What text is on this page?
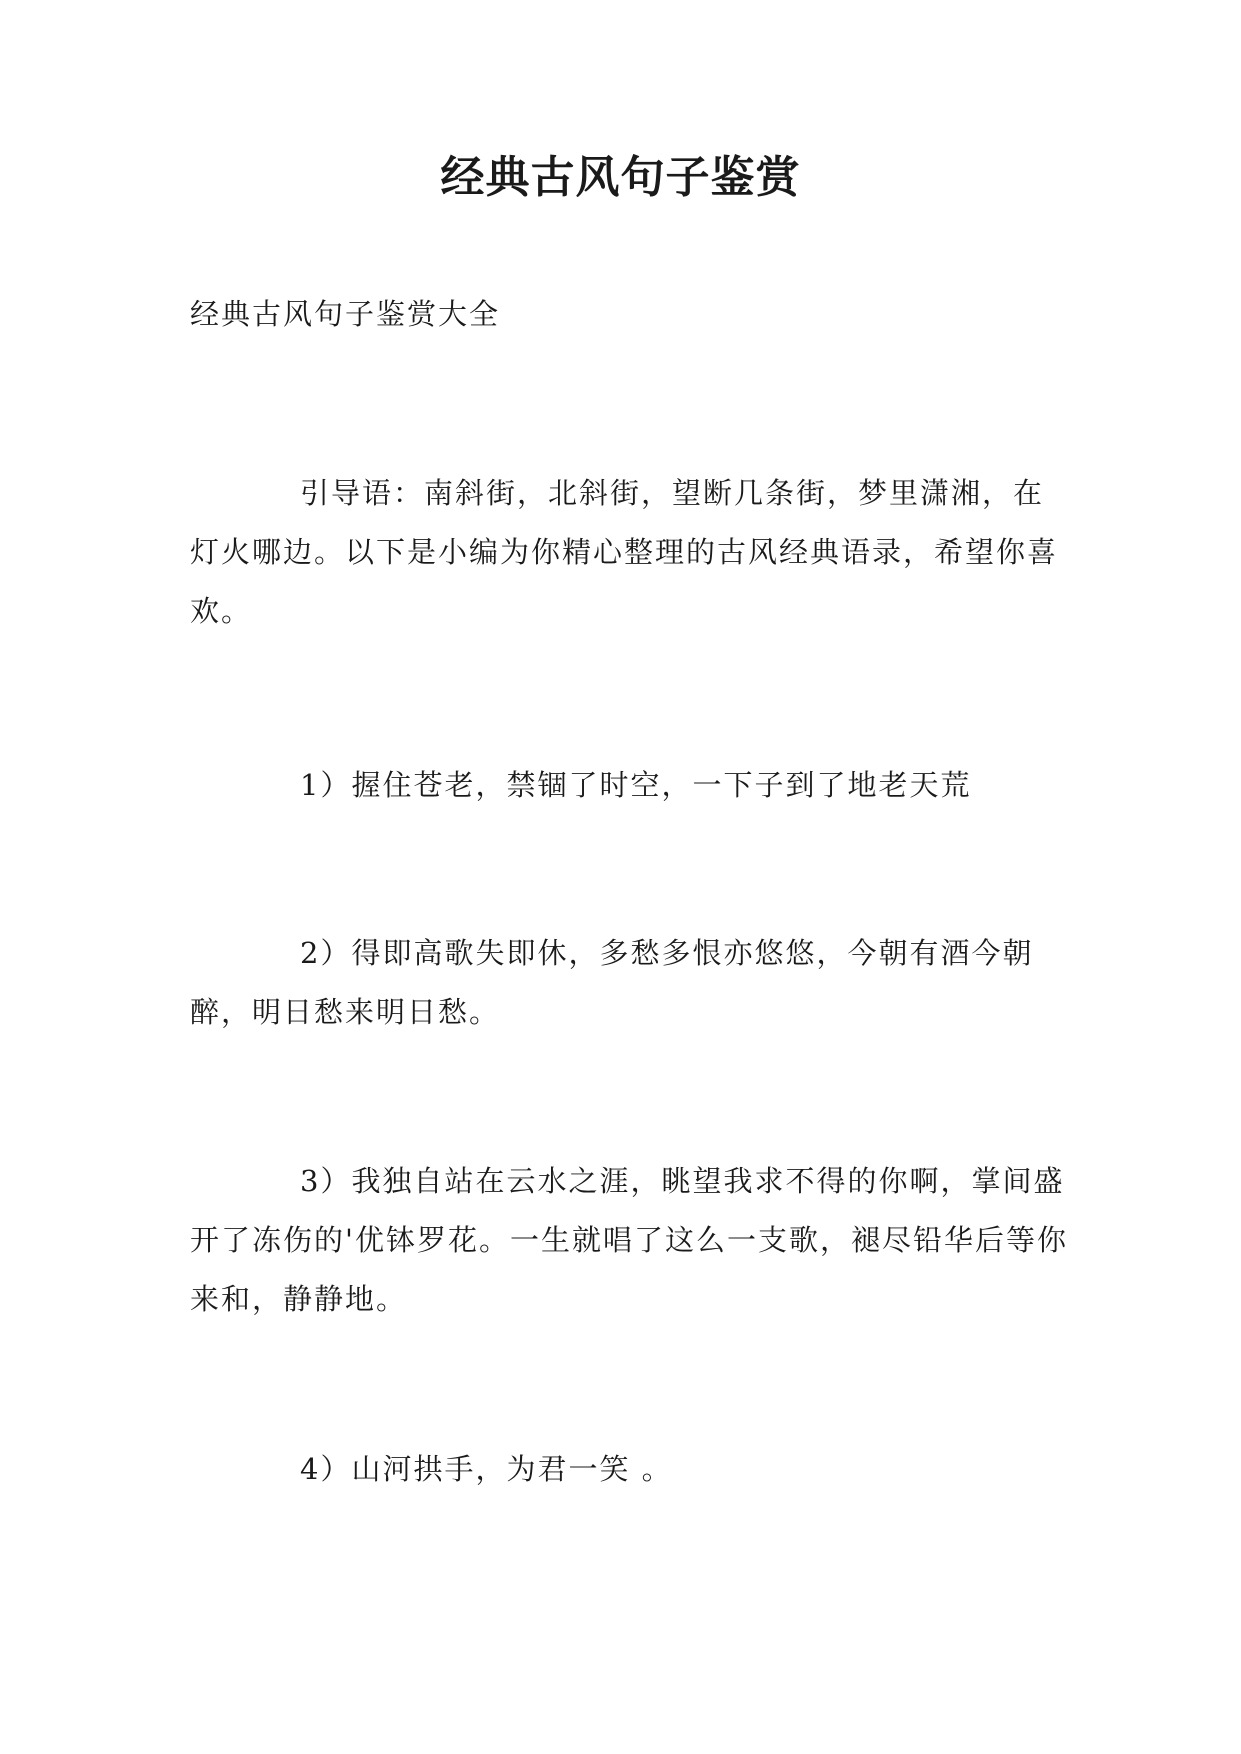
经典古风句子鉴赏
经典古风句子鉴赏大全
引导语：南斜街，北斜街，望断几条街，梦里潇湘，在灯火哪边。以下是小编为你精心整理的古风经典语录，希望你喜欢。
1）握住苍老，禁锢了时空，一下子到了地老天荒
2）得即高歌失即休，多愁多恨亦悠悠，今朝有酒今朝醉，明日愁来明日愁。
3）我独自站在云水之涯，眺望我求不得的你啊，掌间盛开了冻伤的'优钵罗花。一生就唱了这么一支歌，褪尽铅华后等你来和，静静地。
4）山河拱手，为君一笑 。
